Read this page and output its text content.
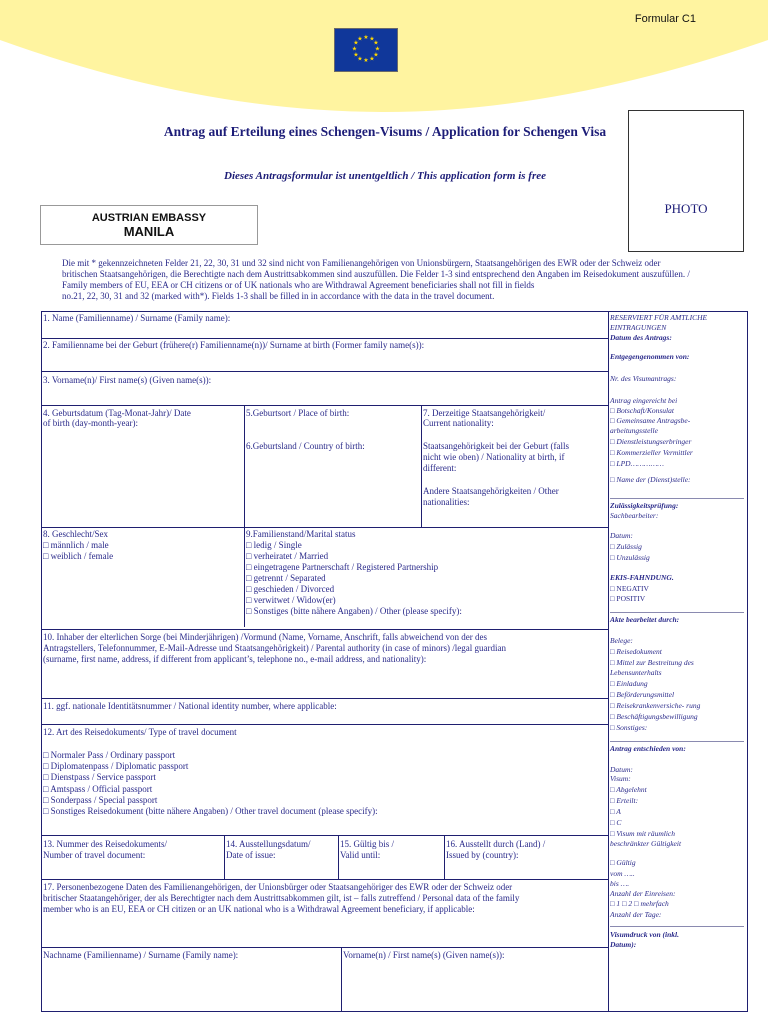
Formular C1
★ ★
★
★
★
★
★
★
★
★
★
★
Antrag auf Erteilung eines Schengen-Visums / Application for Schengen Visa
Dieses Antragsformular ist unentgeltlich / This application form is free
AUSTRIAN EMBASSY
MANILA
PHOTO
Die mit * gekennzeichneten Felder 21, 22, 30, 31 und 32 sind nicht von Familienangehörigen von Unionsbürgern, Staatsangehörigen des EWR oder der Schweiz oder
britischen Staatsangehörigen, die Berechtigte nach dem Austrittsabkommen sind auszufüllen. Die Felder 1-3 sind entsprechend den Angaben im Reisedokument auszufüllen. /
Family members of EU, EEA or CH citizens or of UK nationals who are Withdrawal Agreement beneficiaries shall not fill in fields
no.21, 22, 30, 31 and 32 (marked with*). Fields 1-3 shall be filled in in accordance with the data in the travel document.
1. Name (Familienname) / Surname (Family name):
2. Familienname bei der Geburt (frühere(r) Familienname(n))/ Surname at birth (Former family name(s)):
3. Vorname(n)/ First name(s) (Given name(s)):
4. Geburtsdatum (Tag-Monat-Jahr)/ Date
of birth (day-month-year):
5.Geburtsort / Place of birth:
6.Geburtsland / Country of birth:
7. Derzeitige Staatsangehörigkeit/
Current nationality:
Staatsangehörigkeit bei der Geburt (falls
nicht wie oben) / Nationality at birth, if
different:
Andere Staatsangehörigkeiten / Other
nationalities:
8. Geschlecht/Sex
□ männlich / male
□ weiblich / female
9.Familienstand/Marital status
□ ledig / Single
□ verheiratet / Married
□ eingetragene Partnerschaft / Registered Partnership
□ getrennt / Separated
□ geschieden / Divorced
□ verwitwet / Widow(er)
□ Sonstiges (bitte nähere Angaben) / Other (please specify):
10. Inhaber der elterlichen Sorge (bei Minderjährigen) /Vormund (Name, Vorname, Anschrift, falls abweichend von der des
Antragstellers, Telefonnummer, E-Mail-Adresse und Staatsangehörigkeit) / Parental authority (in case of minors) /legal guardian
(surname, first name, address, if different from applicant’s, telephone no., e-mail address, and nationality):
11. ggf. nationale Identitätsnummer / National identity number, where applicable:
12. Art des Reisedokuments/ Type of travel document
□ Normaler Pass / Ordinary passport
□ Diplomatenpass / Diplomatic passport
□ Dienstpass / Service passport
□ Amtspass / Official passport
□ Sonderpass / Special passport
□ Sonstiges Reisedokument (bitte nähere Angaben) / Other travel document (please specify):
13. Nummer des Reisedokuments/
Number of travel document:
14. Ausstellungsdatum/
Date of issue:
15. Gültig bis /
Valid until:
16. Ausstellt durch (Land) /
Issued by (country):
17. Personenbezogene Daten des Familienangehörigen, der Unionsbürger oder Staatsangehöriger des EWR oder der Schweiz oder
britischer Staatangehöriger, der als Berechtigter nach dem Austrittsabkommen gilt, ist – falls zutreffend / Personal data of the family
member who is an EU, EEA or CH citizen or an UK national who is a Withdrawal Agreement beneficiary, if applicable:
Nachname (Familienname) / Surname (Family name):	Vorname(n) / First name(s) (Given name(s)):
RESERVIERT FÜR AMTLICHE
EINTRAGUNGEN
Datum des Antrags:
Entgegengenommen von:
Nr. des Visumantrags:
Antrag eingereicht bei
□ Botschaft/Konsulat
□ Gemeinsame Antragsbe-
arbeitungsstelle
□ Dienstleistungserbringer
□ Kommerzieller Vermittler
□ LPD……………
□ Name der (Dienst)stelle:
Zulässigkeitsprüfung:
Sachbearbeiter:
Datum:
□ Zulässig
□ Unzulässig
EKIS-FAHNDUNG.
□ NEGATIV
□ POSITIV
Akte bearbeitet durch:
Belege:
□ Reisedokument
□ Mittel zur Bestreitung des
Lebensunterhalts
□ Einladung
□ Beförderungsmittel
□ Reisekrankenversiche- rung
□ Beschäftigungsbewilligung
□ Sonstiges:
Antrag entschieden von:
Datum:
Visum:
□ Abgelehnt
□ Erteilt:
□ A
□ C
□ Visum mit räumlich
beschränkter Gültigkeit
□ Gültig
vom …..
bis ….
Anzahl der Einreisen:
□ 1 □ 2 □ mehrfach
Anzahl der Tage:
Visumdruck von (inkl.
Datum):
